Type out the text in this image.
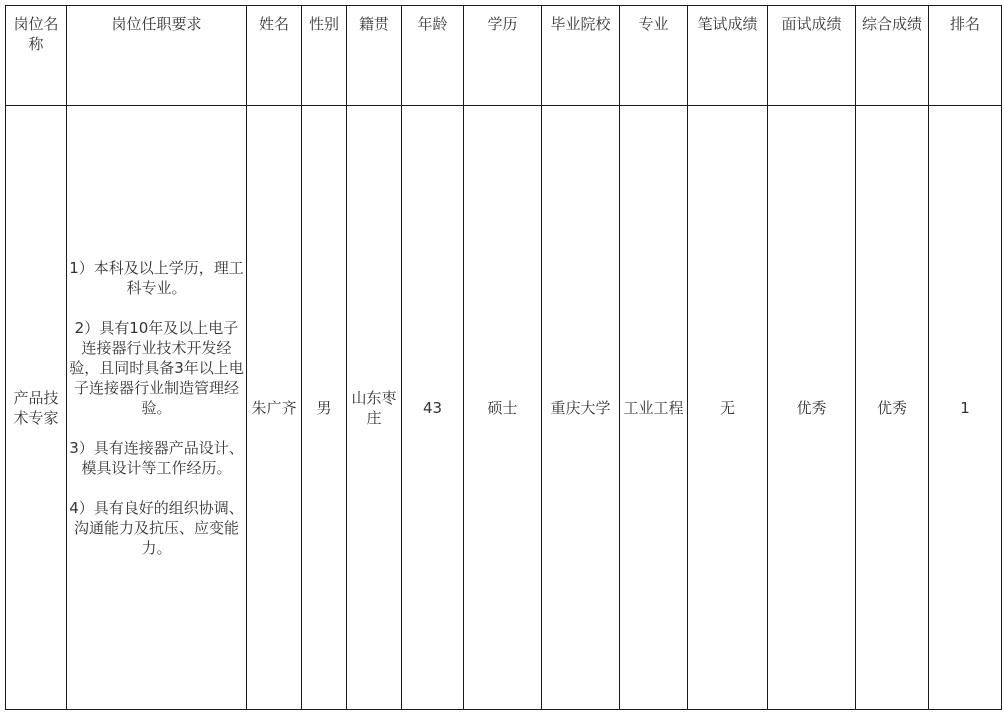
岗位名称	岗位任职要求	姓名	性别	籍贯	年龄	学历	毕业院校	专业	笔试成绩	面试成绩	综合成绩	排名
产品技术专家	1）本科及以上学历，理工科专业。
2）具有10年及以上电子连接器行业技术开发经验，且同时具备3年以上电子连接器行业制造管理经验。
3）具有连接器产品设计、模具设计等工作经历。
4）具有良好的组织协调、沟通能力及抗压、应变能力。	朱广齐	男	山东枣庄	43	硕士	重庆大学	工业工程	无	优秀	优秀	1
